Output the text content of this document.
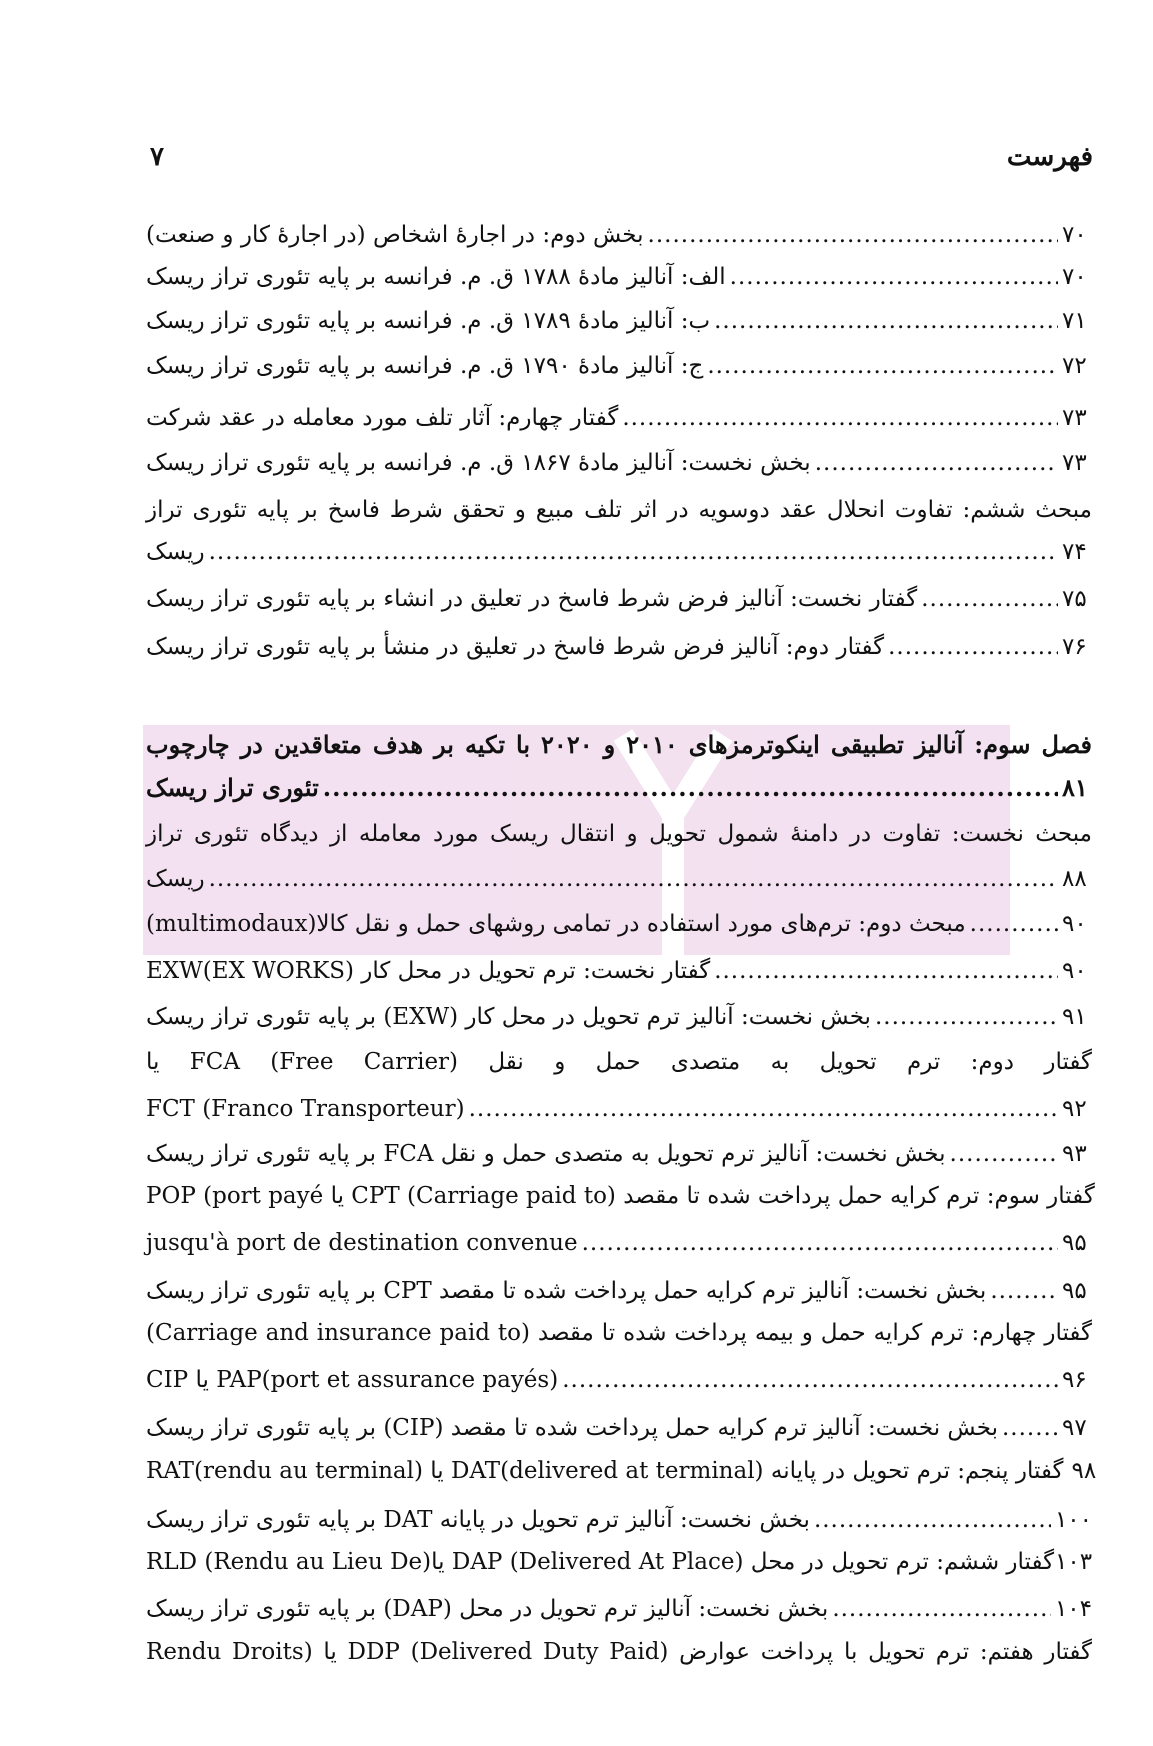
فهرست
۷
بخش دوم: در اجارۀ اشخاص (در اجارۀ کار و صنعت) .....	۷۰
الف: آنالیز مادۀ ۱۷۸۸ ق. م. فرانسه بر پایه تئوری تراز ریسک .....	۷۰
ب: آنالیز مادۀ ۱۷۸۹ ق. م. فرانسه بر پایه تئوری تراز ریسک .....	۷۱
ج: آنالیز مادۀ ۱۷۹۰ ق. م. فرانسه بر پایه تئوری تراز ریسک .....	۷۲
گفتار چهارم: آثار تلف مورد معامله در عقد شرکت .....	۷۳
بخش نخست: آنالیز مادۀ ۱۸۶۷ ق. م. فرانسه بر پایه تئوری تراز ریسک .....	۷۳
مبحث ششم: تفاوت انحلال عقد دوسویه در اثر تلف مبیع و تحقق شرط فاسخ بر پایه تئوری تراز
ریسک .....	۷۴
گفتار نخست: آنالیز فرض شرط فاسخ در تعلیق در انشاء بر پایه تئوری تراز ریسک .....	۷۵
گفتار دوم: آنالیز فرض شرط فاسخ در تعلیق در منشأ بر پایه تئوری تراز ریسک .....	۷۶
فصل سوم: آنالیز تطبیقی اینکوترمزهای ۲۰۱۰ و ۲۰۲۰ با تکیه بر هدف متعاقدین در چارچوب
تئوری تراز ریسک .....	۸۱
مبحث نخست: تفاوت در دامنۀ شمول تحویل و انتقال ریسک مورد معامله از دیدگاه تئوری تراز
ریسک .....	۸۸
مبحث دوم: ترم‌های مورد استفاده در تمامی روشهای حمل و نقل کالا(multimodaux) .....	۹۰
گفتار نخست: ترم تحویل در محل کار (EXW(EX WORKS .....	۹۰
بخش نخست: آنالیز ترم تحویل در محل کار (EXW) بر پایه تئوری تراز ریسک .....	۹۱
گفتار دوم: ترم تحویل به متصدی حمل و نقل FCA (Free Carrier) یا
FCT (Franco Transporteur) .....	۹۲
بخش نخست: آنالیز ترم تحویل به متصدی حمل و نقل FCA بر پایه تئوری تراز ریسک .....	۹۳
گفتار سوم: ترم کرایه حمل پرداخت شده تا مقصد CPT (Carriage paid to) یا POP (port payé
jusqu'à port de destination convenue .....	۹۵
بخش نخست: آنالیز ترم کرایه حمل پرداخت شده تا مقصد CPT بر پایه تئوری تراز ریسک .....	۹۵
گفتار چهارم: ترم کرایه حمل و بیمه پرداخت شده تا مقصد (Carriage and insurance paid to)
CIP یا PAP(port et assurance payés) .....	۹۶
بخش نخست: آنالیز ترم کرایه حمل پرداخت شده تا مقصد (CIP) بر پایه تئوری تراز ریسک .....	۹۷
گفتار پنجم: ترم تحویل در پایانه DAT(delivered at terminal) یا RAT(rendu au terminal) ۹۸
بخش نخست: آنالیز ترم تحویل در پایانه DAT بر پایه تئوری تراز ریسک .....	۱۰۰
گفتار ششم: ترم تحویل در محل DAP (Delivered At Place) یاRLD (Rendu au Lieu De) ۱۰۳
بخش نخست: آنالیز ترم تحویل در محل (DAP) بر پایه تئوری تراز ریسک .....	۱۰۴
گفتار هفتم: ترم تحویل با پرداخت عوارض DDP (Delivered Duty Paid) یا (Rendu Droits
